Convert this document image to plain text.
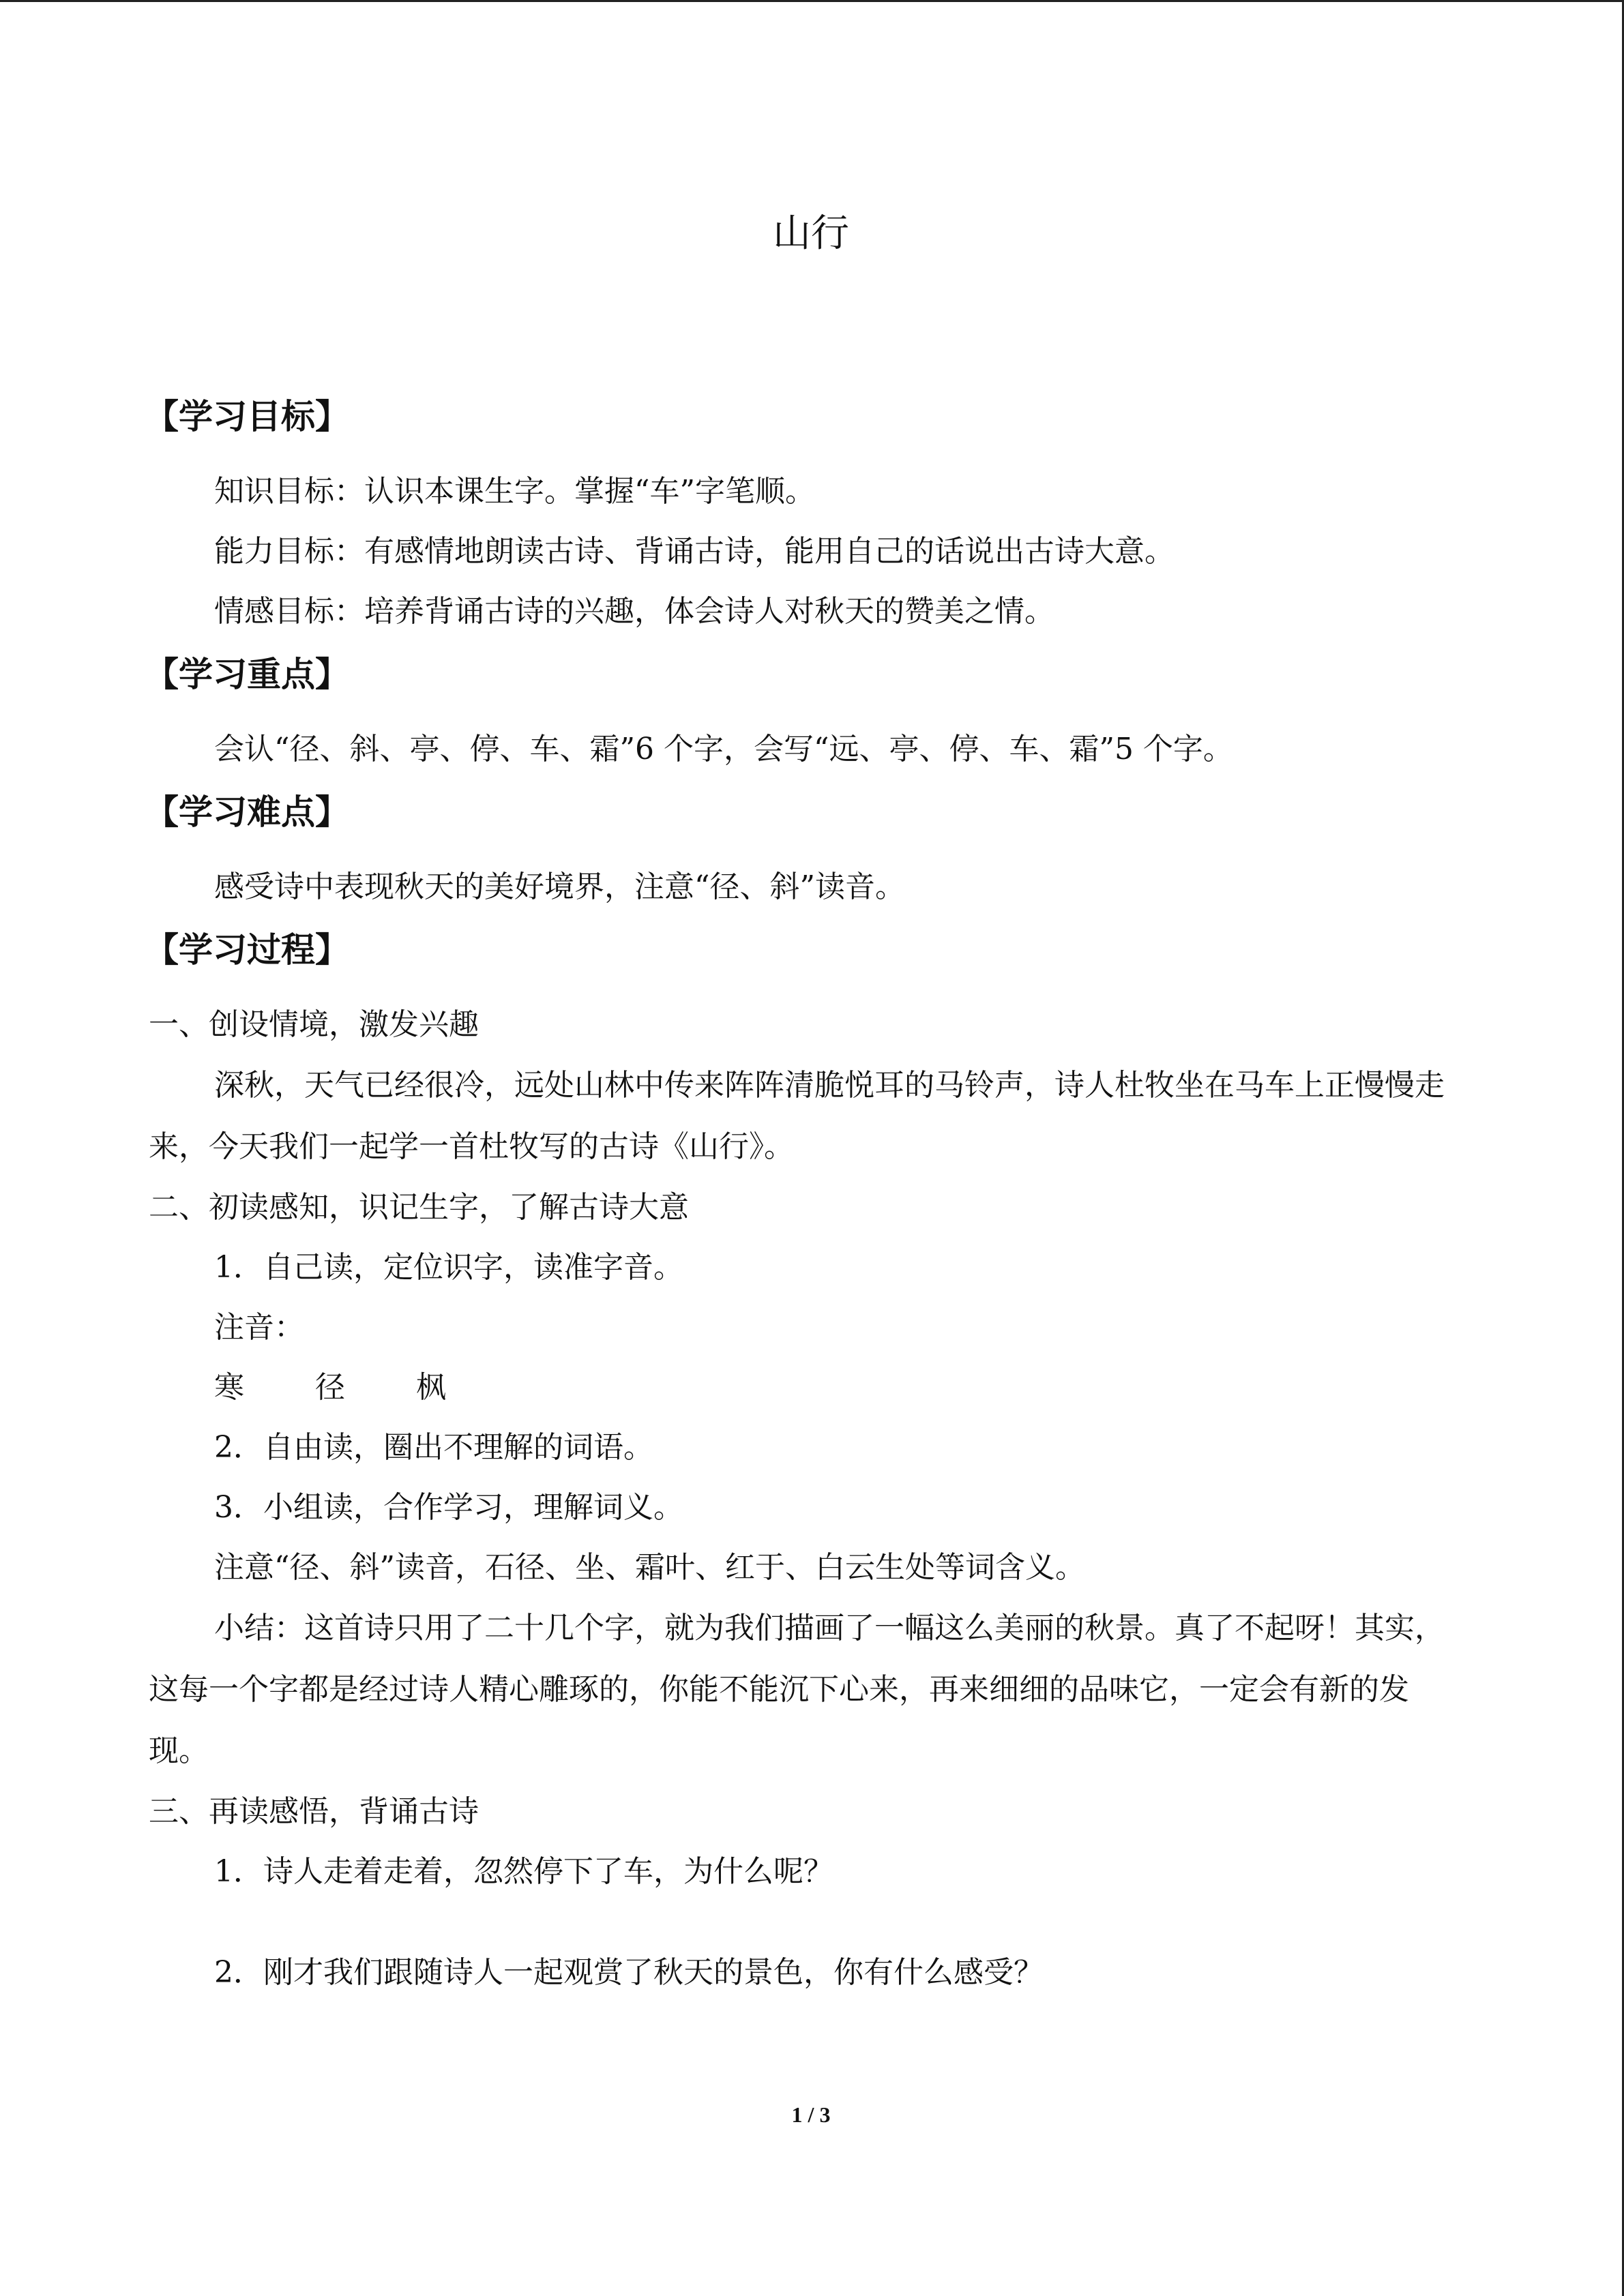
山行
【学习目标】

知识目标：认识本课生字。掌握“车”字笔顺。

能力目标：有感情地朗读古诗、背诵古诗，能用自己的话说出古诗大意。

情感目标：培养背诵古诗的兴趣，体会诗人对秋天的赞美之情。

【学习重点】

会认“径、斜、亭、停、车、霜”6 个字，会写“远、亭、停、车、霜”5 个字。

【学习难点】

感受诗中表现秋天的美好境界，注意“径、斜”读音。

【学习过程】

一、创设情境，激发兴趣

深秋，天气已经很冷，远处山林中传来阵阵清脆悦耳的马铃声，诗人杜牧坐在马车上正慢慢走来，今天我们一起学一首杜牧写的古诗《山行》。

二、初读感知，识记生字，了解古诗大意

1．自己读，定位识字，读准字音。

注音：

寒 径 枫

2．自由读，圈出不理解的词语。

3．小组读，合作学习，理解词义。

注意“径、斜”读音，石径、坐、霜叶、红于、白云生处等词含义。

小结：这首诗只用了二十几个字，就为我们描画了一幅这么美丽的秋景。真了不起呀！其实，这每一个字都是经过诗人精心雕琢的，你能不能沉下心来，再来细细的品味它，一定会有新的发现。

三、再读感悟，背诵古诗

1．诗人走着走着，忽然停下了车，为什么呢？

2．刚才我们跟随诗人一起观赏了秋天的景色，你有什么感受？

1 / 3
